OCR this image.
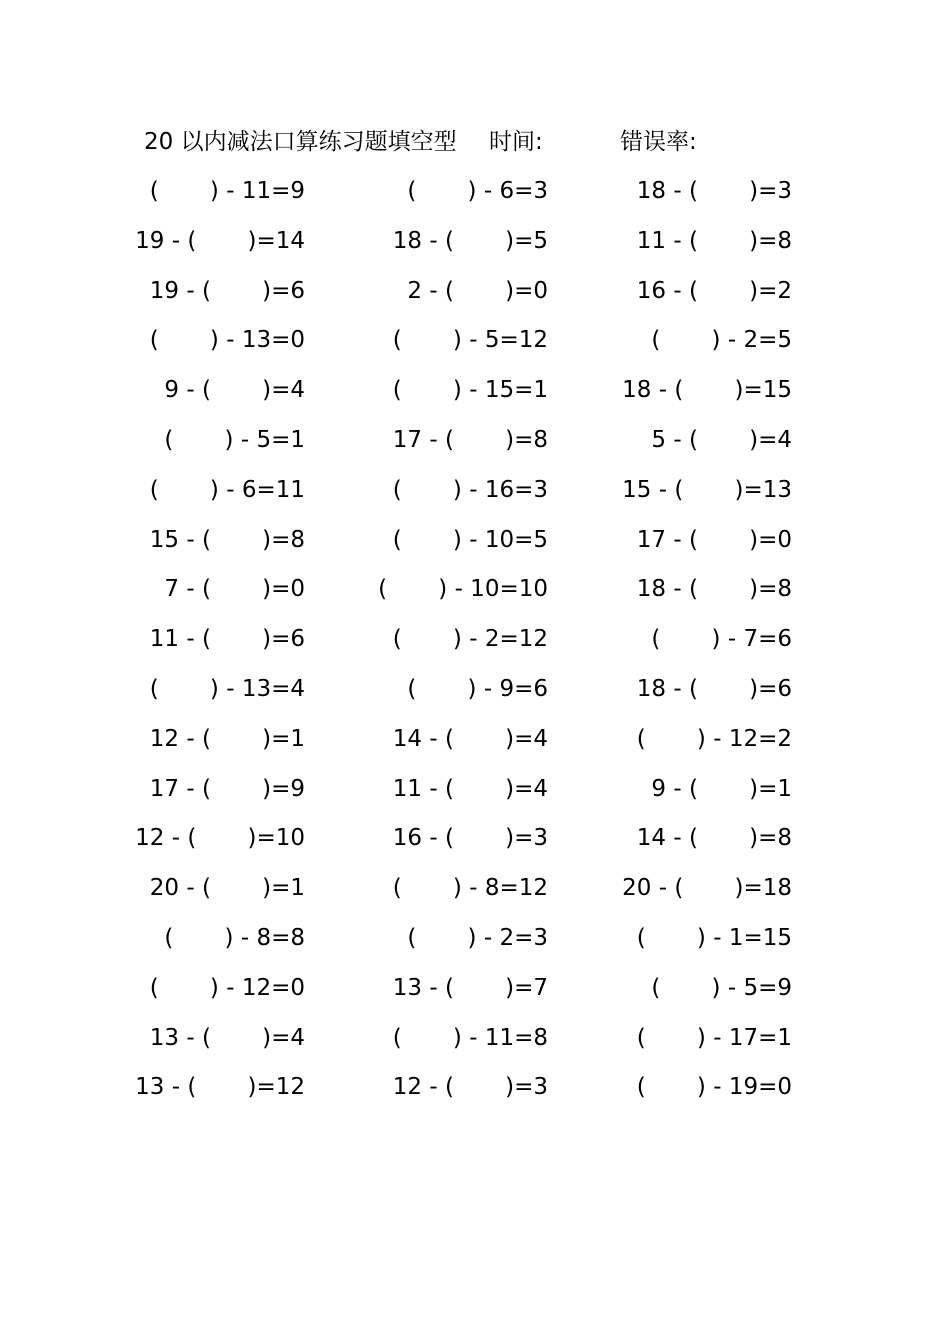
20 以内减法口算练习题填空型 时间:	错误率:
(       ) - 11=9	(       ) - 6=3	18 - (       )=3
19 - (       )=14	18 - (       )=5	11 - (       )=8
19 - (       )=6	2 - (       )=0	16 - (       )=2
(       ) - 13=0	(       ) - 5=12	(       ) - 2=5
9 - (       )=4	(       ) - 15=1	18 - (       )=15
(       ) - 5=1	17 - (       )=8	5 - (       )=4
(       ) - 6=11	(       ) - 16=3	15 - (       )=13
15 - (       )=8	(       ) - 10=5	17 - (       )=0
7 - (       )=0	(       ) - 10=10	18 - (       )=8
11 - (       )=6	(       ) - 2=12	(       ) - 7=6
(       ) - 13=4	(       ) - 9=6	18 - (       )=6
12 - (       )=1	14 - (       )=4	(       ) - 12=2
17 - (       )=9	11 - (       )=4	9 - (       )=1
12 - (       )=10	16 - (       )=3	14 - (       )=8
20 - (       )=1	(       ) - 8=12	20 - (       )=18
(       ) - 8=8	(       ) - 2=3	(       ) - 1=15
(       ) - 12=0	13 - (       )=7	(       ) - 5=9
13 - (       )=4	(       ) - 11=8	(       ) - 17=1
13 - (       )=12	12 - (       )=3	(       ) - 19=0
